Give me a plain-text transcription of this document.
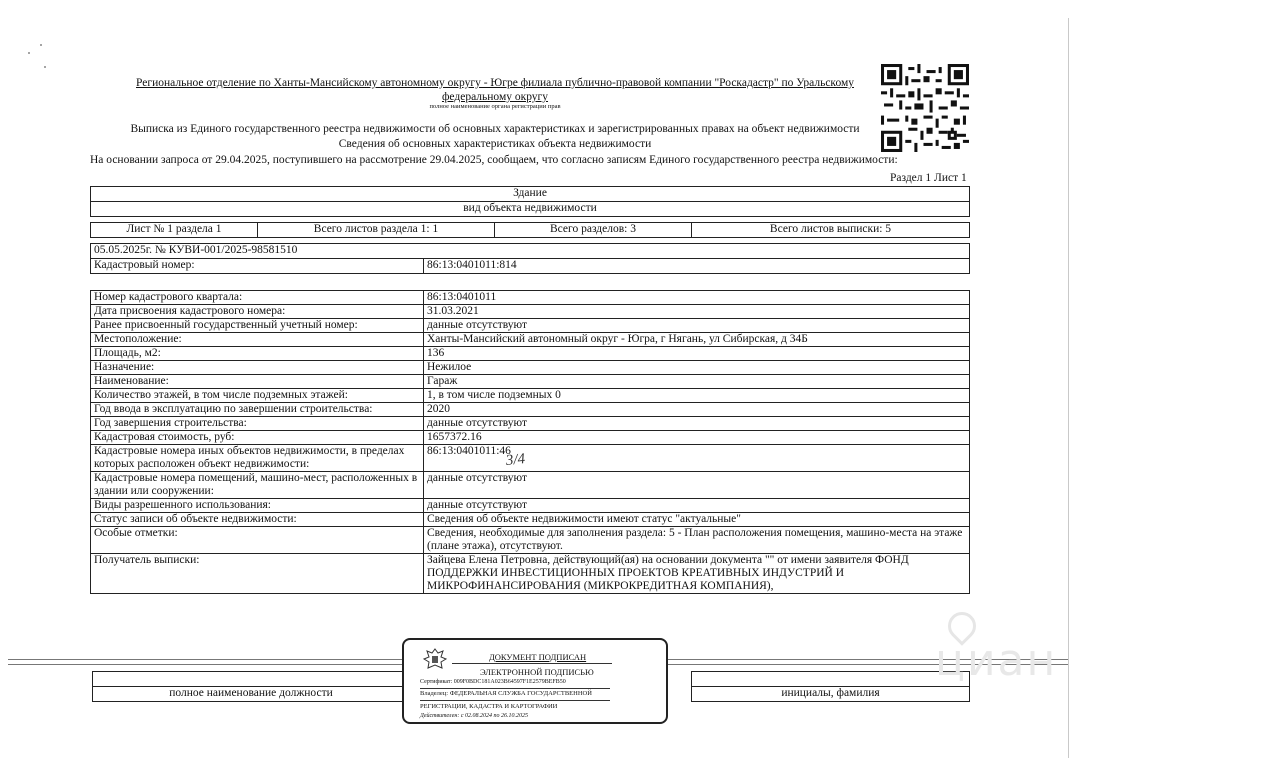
Региональное отделение по Ханты-Мансийскому автономному округу - Югре филиала публично-правовой компании "Роскадастр" по Уральскому федеральному округу
полное наименование органа регистрации прав
Выписка из Единого государственного реестра недвижимости об основных характеристиках и зарегистрированных правах на объект недвижимости
Сведения об основных характеристиках объекта недвижимости
На основании запроса от 29.04.2025, поступившего на рассмотрение 29.04.2025, сообщаем, что согласно записям Единого государственного реестра недвижимости:
Раздел 1 Лист 1
Здание
вид объекта недвижимости
Лист № 1 раздела 1	Всего листов раздела 1: 1	Всего разделов: 3	Всего листов выписки: 5
05.05.2025г. № КУВИ-001/2025-98581510
Кадастровый номер:	86:13:0401011:814
Номер кадастрового квартала:	86:13:0401011
Дата присвоения кадастрового номера:	31.03.2021
Ранее присвоенный государственный учетный номер:	данные отсутствуют
Местоположение:	Ханты-Мансийский автономный округ - Югра, г Нягань, ул Сибирская, д 34Б
Площадь, м2:	136
Назначение:	Нежилое
Наименование:	Гараж
Количество этажей, в том числе подземных этажей:	1, в том числе подземных 0
Год ввода в эксплуатацию по завершении строительства:	2020
Год завершения строительства:	данные отсутствуют
Кадастровая стоимость, руб:	1657372.16
Кадастровые номера иных объектов недвижимости, в пределах которых расположен объект недвижимости:	86:13:0401011:46
Кадастровые номера помещений, машино-мест, расположенных в здании или сооружении:	данные отсутствуют
Виды разрешенного использования:	данные отсутствуют
Статус записи об объекте недвижимости:	Сведения об объекте недвижимости имеют статус "актуальные"
Особые отметки:	Сведения, необходимые для заполнения раздела: 5 - План расположения помещения, машино-места на этаже (плане этажа), отсутствуют.
Получатель выписки:	Зайцева Елена Петровна, действующий(ая) на основании документа "" от имени заявителя ФОНД ПОДДЕРЖКИ ИНВЕСТИЦИОННЫХ ПРОЕКТОВ КРЕАТИВНЫХ ИНДУСТРИЙ И МИКРОФИНАНСИРОВАНИЯ (МИКРОКРЕДИТНАЯ КОМПАНИЯ),
3/4

полное наименование должности		инициалы, фамилия
ДОКУМЕНТ ПОДПИСАН
ЭЛЕКТРОННОЙ ПОДПИСЬЮ
Сертификат: 009F0BDC181A023B64597F1E2579BEFB50
Владелец: ФЕДЕРАЛЬНАЯ СЛУЖБА ГОСУДАРСТВЕННОЙ
РЕГИСТРАЦИИ, КАДАСТРА И КАРТОГРАФИИ
Действителен: с 02.08.2024 по 26.10.2025
циан
